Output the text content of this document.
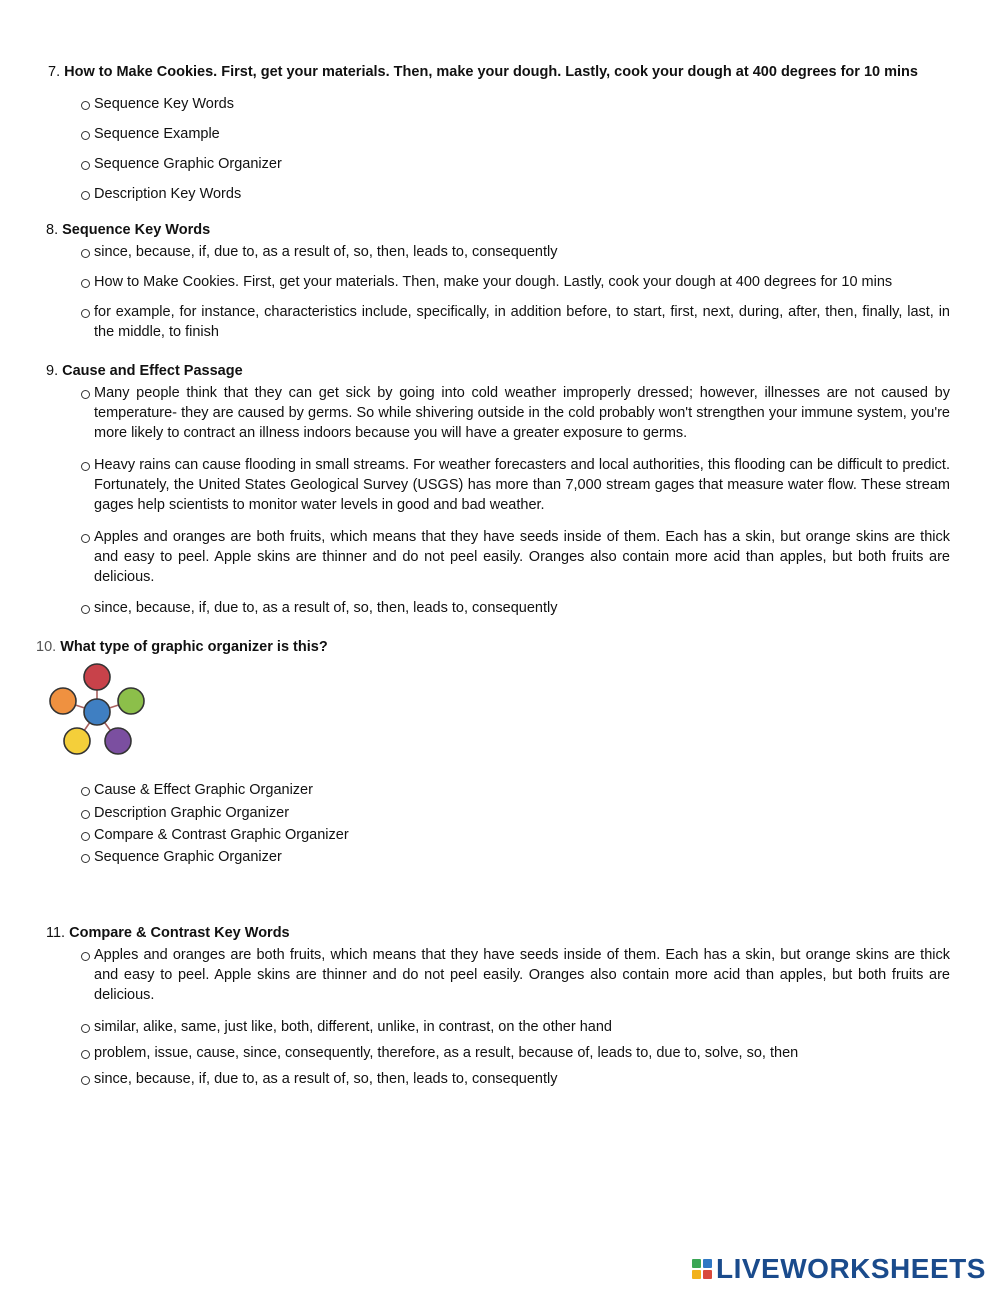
7. How to Make Cookies. First, get your materials. Then, make your dough. Lastly, cook your dough at 400 degrees for 10 mins
Sequence Key Words
Sequence Example
Sequence Graphic Organizer
Description Key Words
8. Sequence Key Words
since, because, if, due to, as a result of, so, then, leads to, consequently
How to Make Cookies. First, get your materials. Then, make your dough. Lastly, cook your dough at 400 degrees for 10 mins
for example, for instance, characteristics include, specifically, in addition before, to start, first, next, during, after, then, finally, last, in the middle, to finish
9. Cause and Effect Passage
Many people think that they can get sick by going into cold weather improperly dressed; however, illnesses are not caused by temperature- they are caused by germs. So while shivering outside in the cold probably won't strengthen your immune system, you're more likely to contract an illness indoors because you will have a greater exposure to germs.
Heavy rains can cause flooding in small streams. For weather forecasters and local authorities, this flooding can be difficult to predict. Fortunately, the United States Geological Survey (USGS) has more than 7,000 stream gages that measure water flow. These stream gages help scientists to monitor water levels in good and bad weather.
Apples and oranges are both fruits, which means that they have seeds inside of them. Each has a skin, but orange skins are thick and easy to peel. Apple skins are thinner and do not peel easily. Oranges also contain more acid than apples, but both fruits are delicious.
since, because, if, due to, as a result of, so, then, leads to, consequently
10. What type of graphic organizer is this?
Cause & Effect Graphic Organizer
Description Graphic Organizer
Compare & Contrast Graphic Organizer
Sequence Graphic Organizer
11. Compare & Contrast Key Words
Apples and oranges are both fruits, which means that they have seeds inside of them. Each has a skin, but orange skins are thick and easy to peel. Apple skins are thinner and do not peel easily. Oranges also contain more acid than apples, but both fruits are delicious.
similar, alike, same, just like, both, different, unlike, in contrast, on the other hand
problem, issue, cause, since, consequently, therefore, as a result, because of, leads to, due to, solve, so, then
since, because, if, due to, as a result of, so, then, leads to, consequently
LIVEWORKSHEETS
